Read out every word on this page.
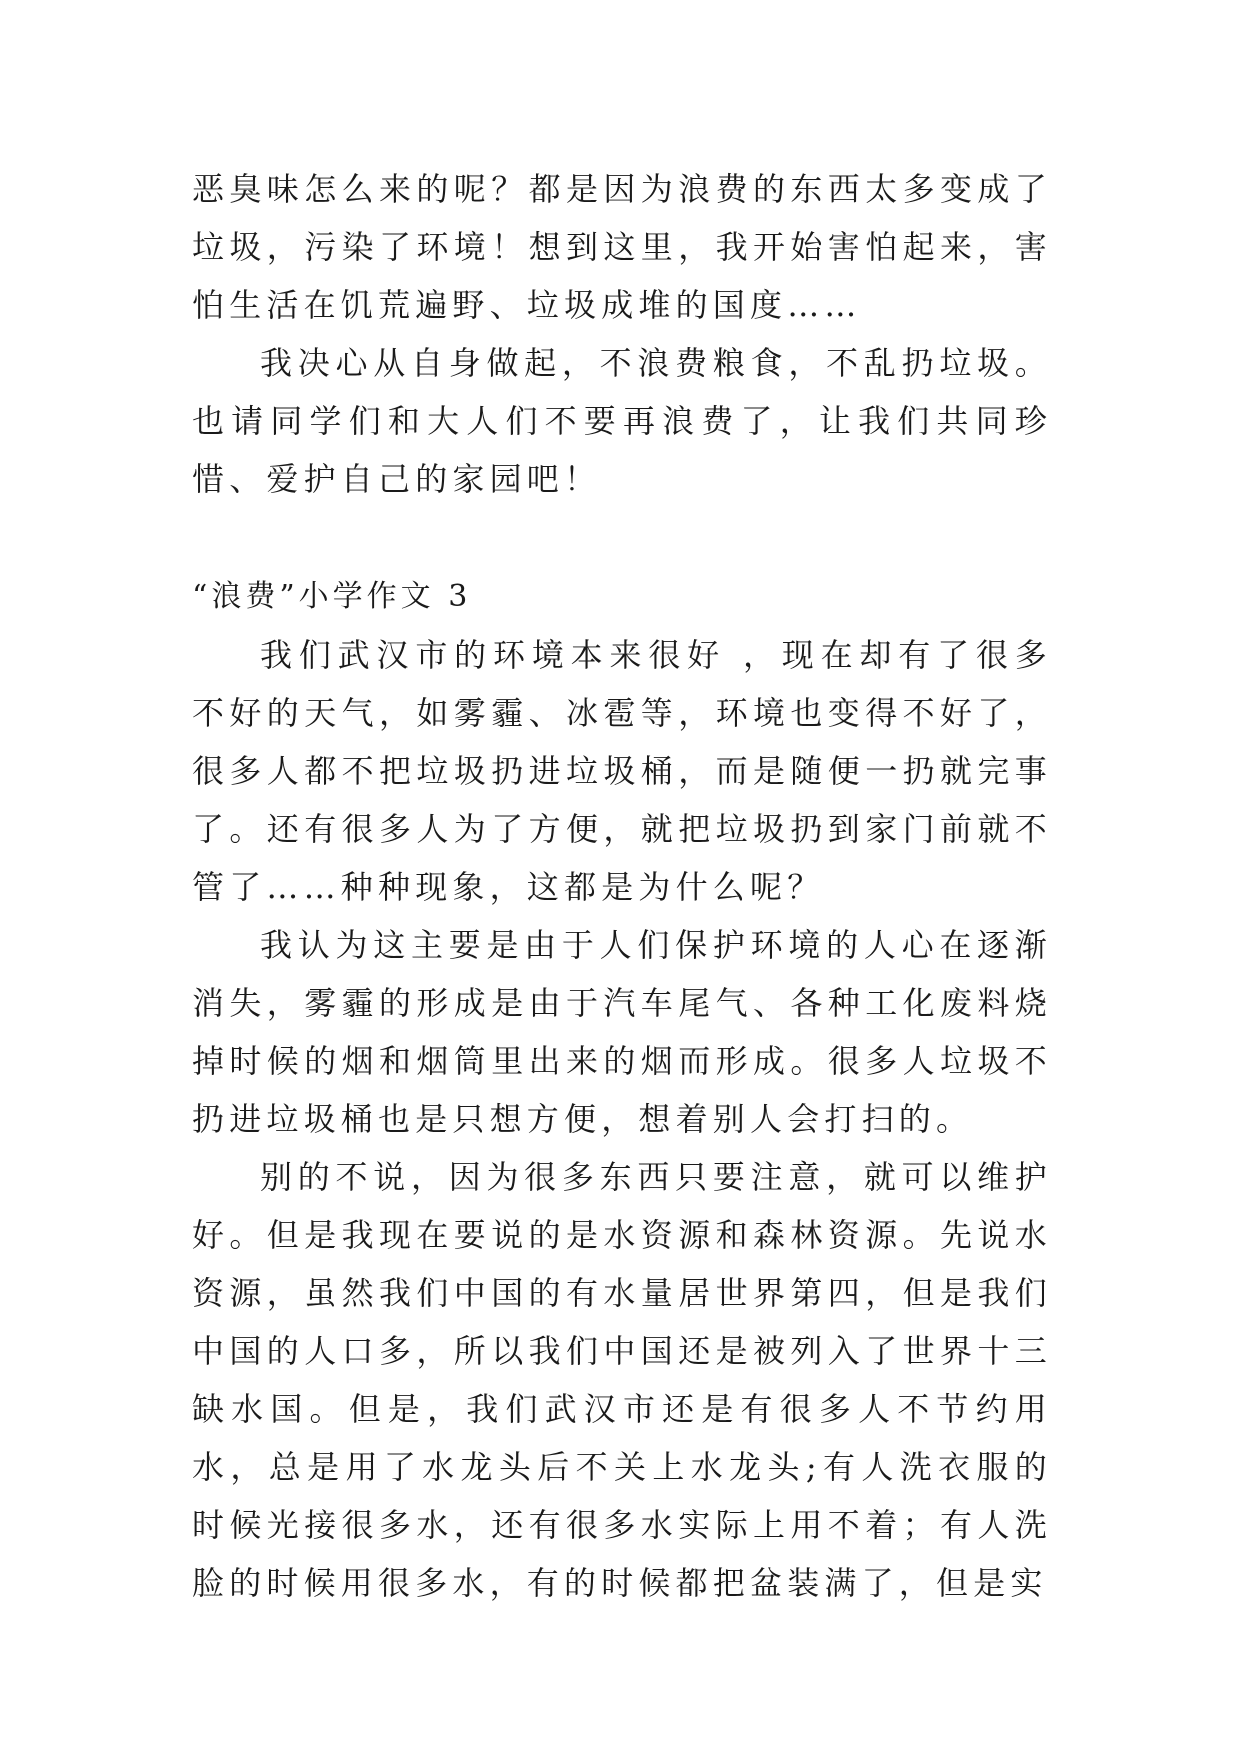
恶臭味怎么来的呢？都是因为浪费的东西太多变成了垃圾，污染了环境！想到这里，我开始害怕起来，害怕生活在饥荒遍野、垃圾成堆的国度……

我决心从自身做起，不浪费粮食，不乱扔垃圾。也请同学们和大人们不要再浪费了，让我们共同珍惜、爱护自己的家园吧！

“浪费”小学作文 3

我们武汉市的环境本来很好 ，现在却有了很多不好的天气，如雾霾、冰雹等，环境也变得不好了，很多人都不把垃圾扔进垃圾桶，而是随便一扔就完事了。还有很多人为了方便，就把垃圾扔到家门前就不管了……种种现象，这都是为什么呢？

我认为这主要是由于人们保护环境的人心在逐渐消失，雾霾的形成是由于汽车尾气、各种工化废料烧掉时候的烟和烟筒里出来的烟而形成。很多人垃圾不扔进垃圾桶也是只想方便，想着别人会打扫的。

别的不说，因为很多东西只要注意，就可以维护好。但是我现在要说的是水资源和森林资源。先说水资源，虽然我们中国的有水量居世界第四，但是我们中国的人口多，所以我们中国还是被列入了世界十三缺水国。但是，我们武汉市还是有很多人不节约用水，总是用了水龙头后不关上水龙头;有人洗衣服的时候光接很多水，还有很多水实际上用不着；有人洗脸的时候用很多水，有的时候都把盆装满了，但是实
